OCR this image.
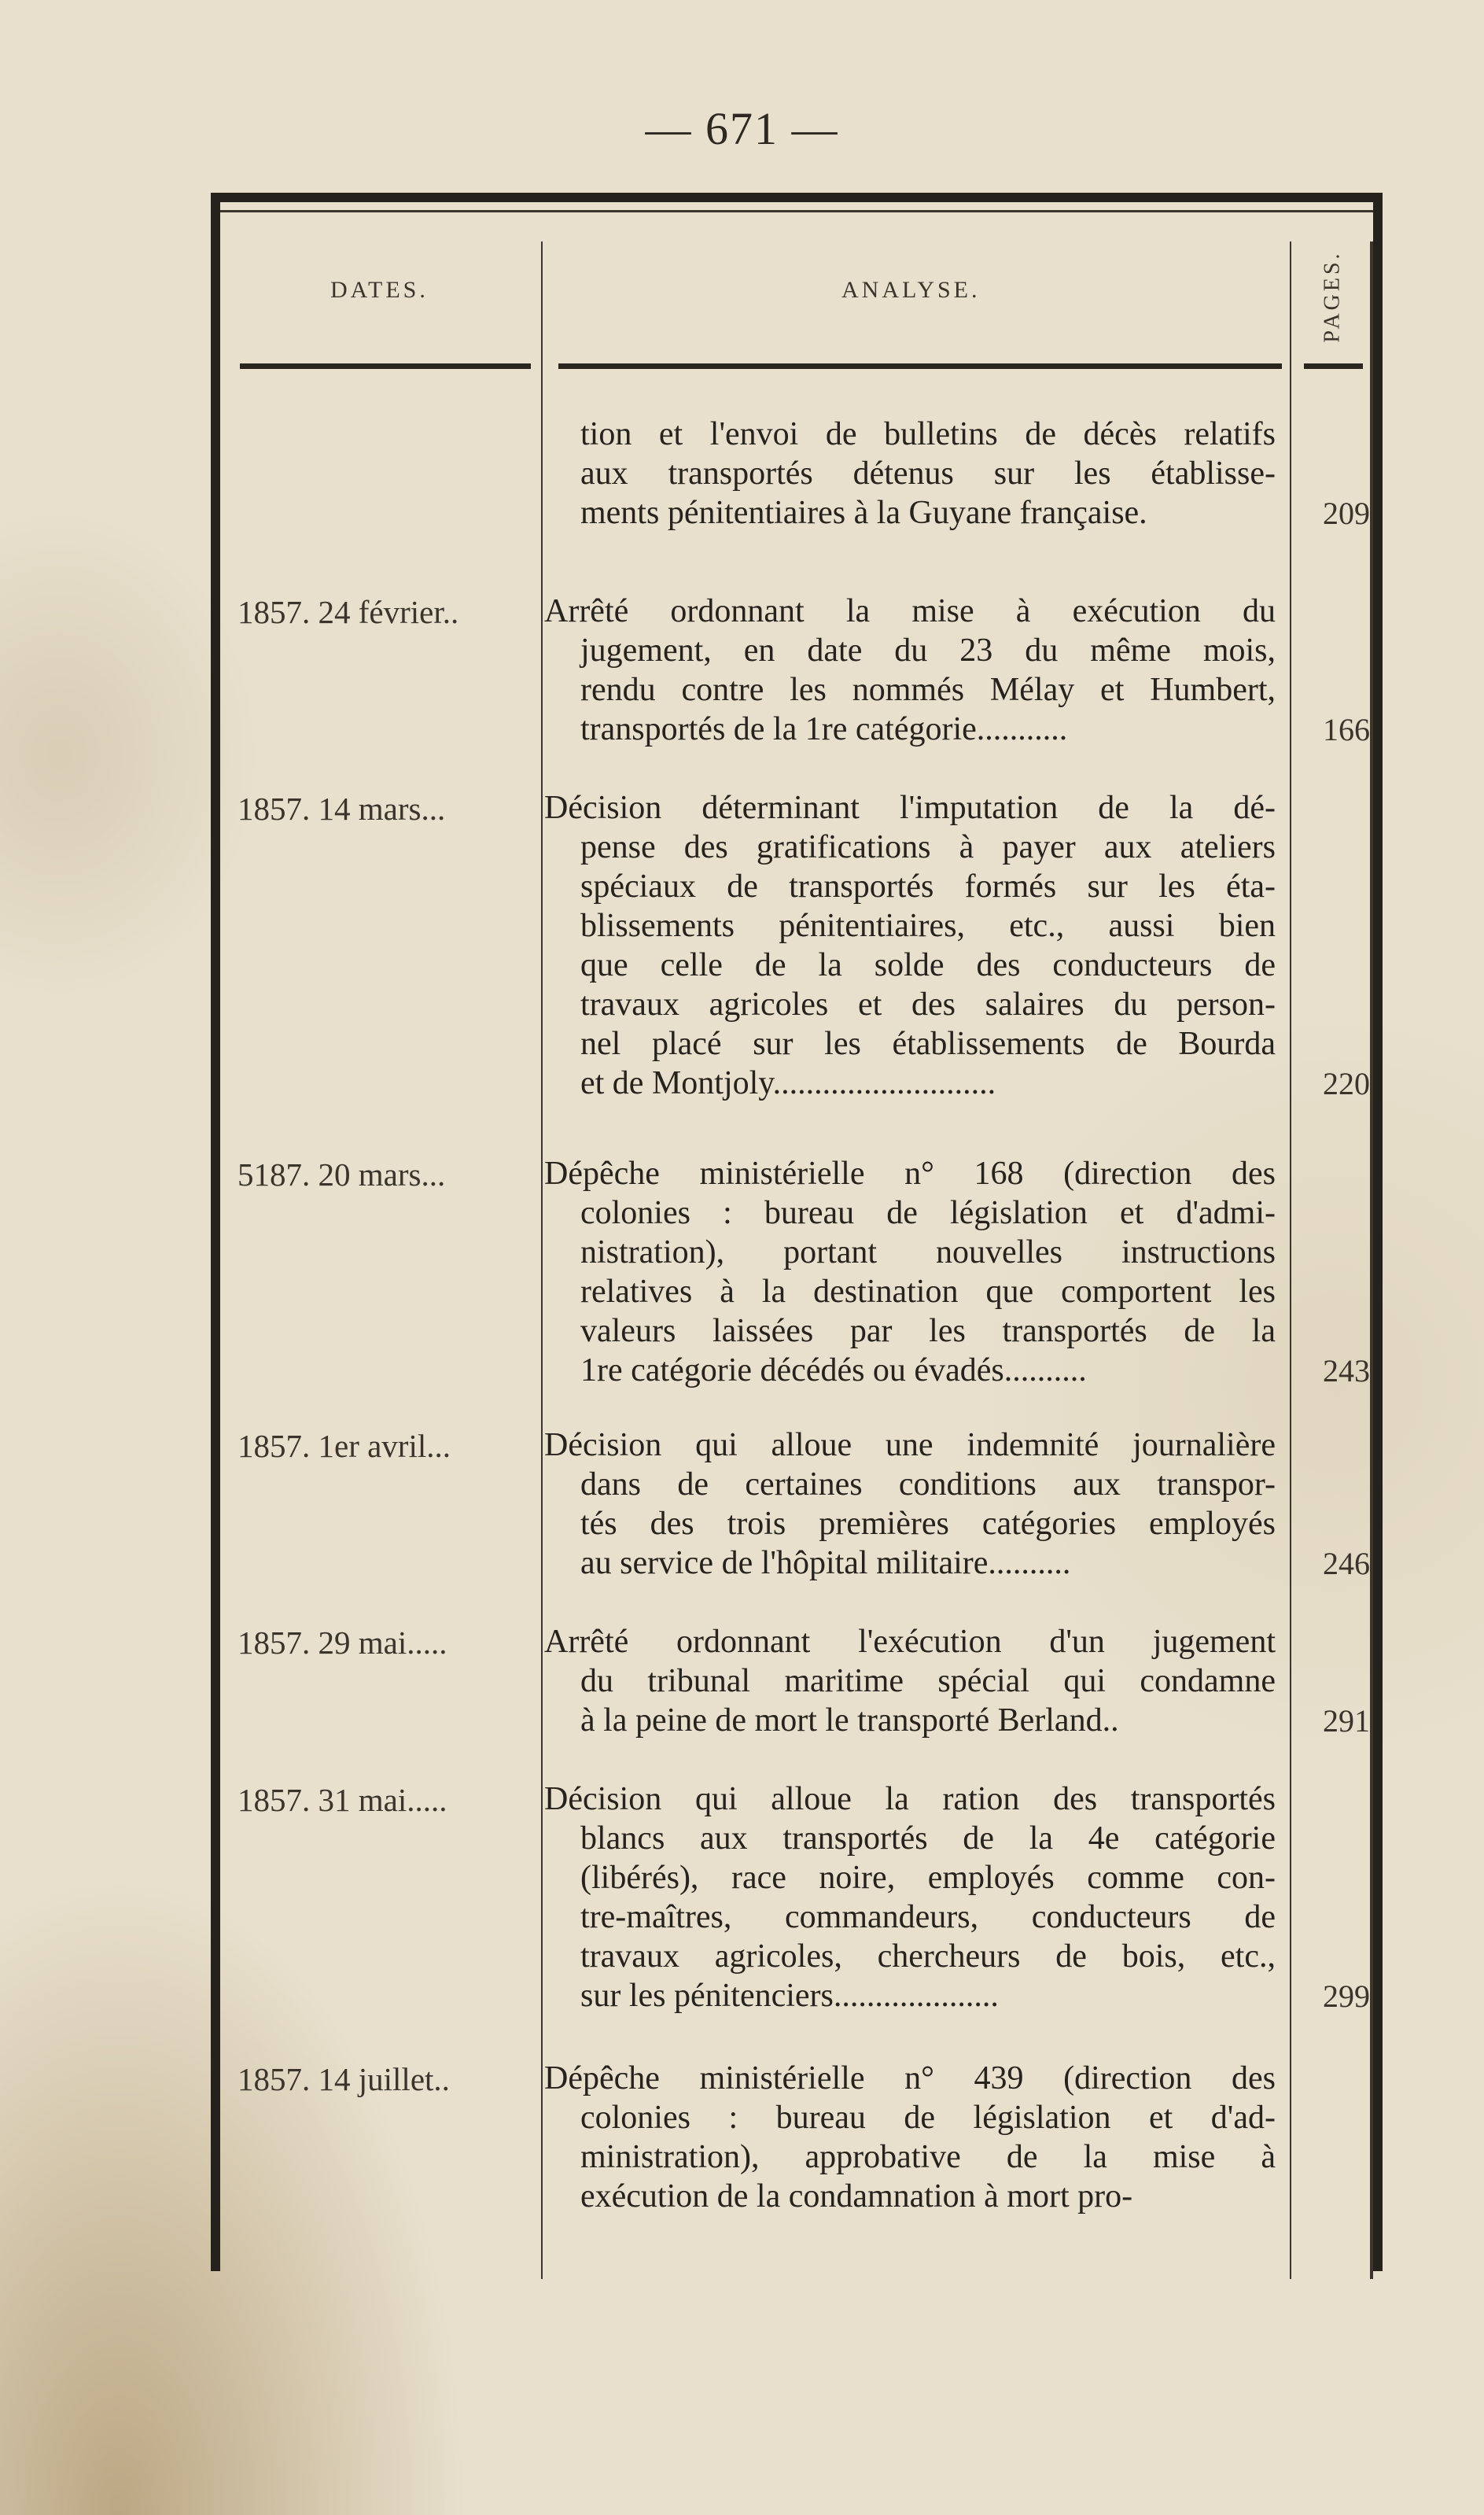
— 671 —
DATES.	ANALYSE.	PAGES.
tion et l'envoi de bulletins de décès relatifs
aux transportés détenus sur les établisse-
ments pénitentiaires à la Guyane française.	209
1857. 24 février..	Arrêté ordonnant la mise à exécution du
jugement, en date du 23 du même mois,
rendu contre les nommés Mélay et Humbert,
transportés de la 1re catégorie...........	166
1857. 14 mars...	Décision déterminant l'imputation de la dé-
pense des gratifications à payer aux ateliers
spéciaux de transportés formés sur les éta-
blissements pénitentiaires, etc., aussi bien
que celle de la solde des conducteurs de
travaux agricoles et des salaires du person-
nel placé sur les établissements de Bourda
et de Montjoly...........................	220
5187. 20 mars...	Dépêche ministérielle n° 168 (direction des
colonies : bureau de législation et d'admi-
nistration), portant nouvelles instructions
relatives à la destination que comportent les
valeurs laissées par les transportés de la
1re catégorie décédés ou évadés..........	243
1857. 1er avril...	Décision qui alloue une indemnité journalière
dans de certaines conditions aux transpor-
tés des trois premières catégories employés
au service de l'hôpital militaire..........	246
1857. 29 mai.....	Arrêté ordonnant l'exécution d'un jugement
du tribunal maritime spécial qui condamne
à la peine de mort le transporté Berland..	291
1857. 31 mai.....	Décision qui alloue la ration des transportés
blancs aux transportés de la 4e catégorie
(libérés), race noire, employés comme con-
tre-maîtres, commandeurs, conducteurs de
travaux agricoles, chercheurs de bois, etc.,
sur les pénitenciers....................	299
1857. 14 juillet..	Dépêche ministérielle n° 439 (direction des
colonies : bureau de législation et d'ad-
ministration), approbative de la mise à
exécution de la condamnation à mort pro-
